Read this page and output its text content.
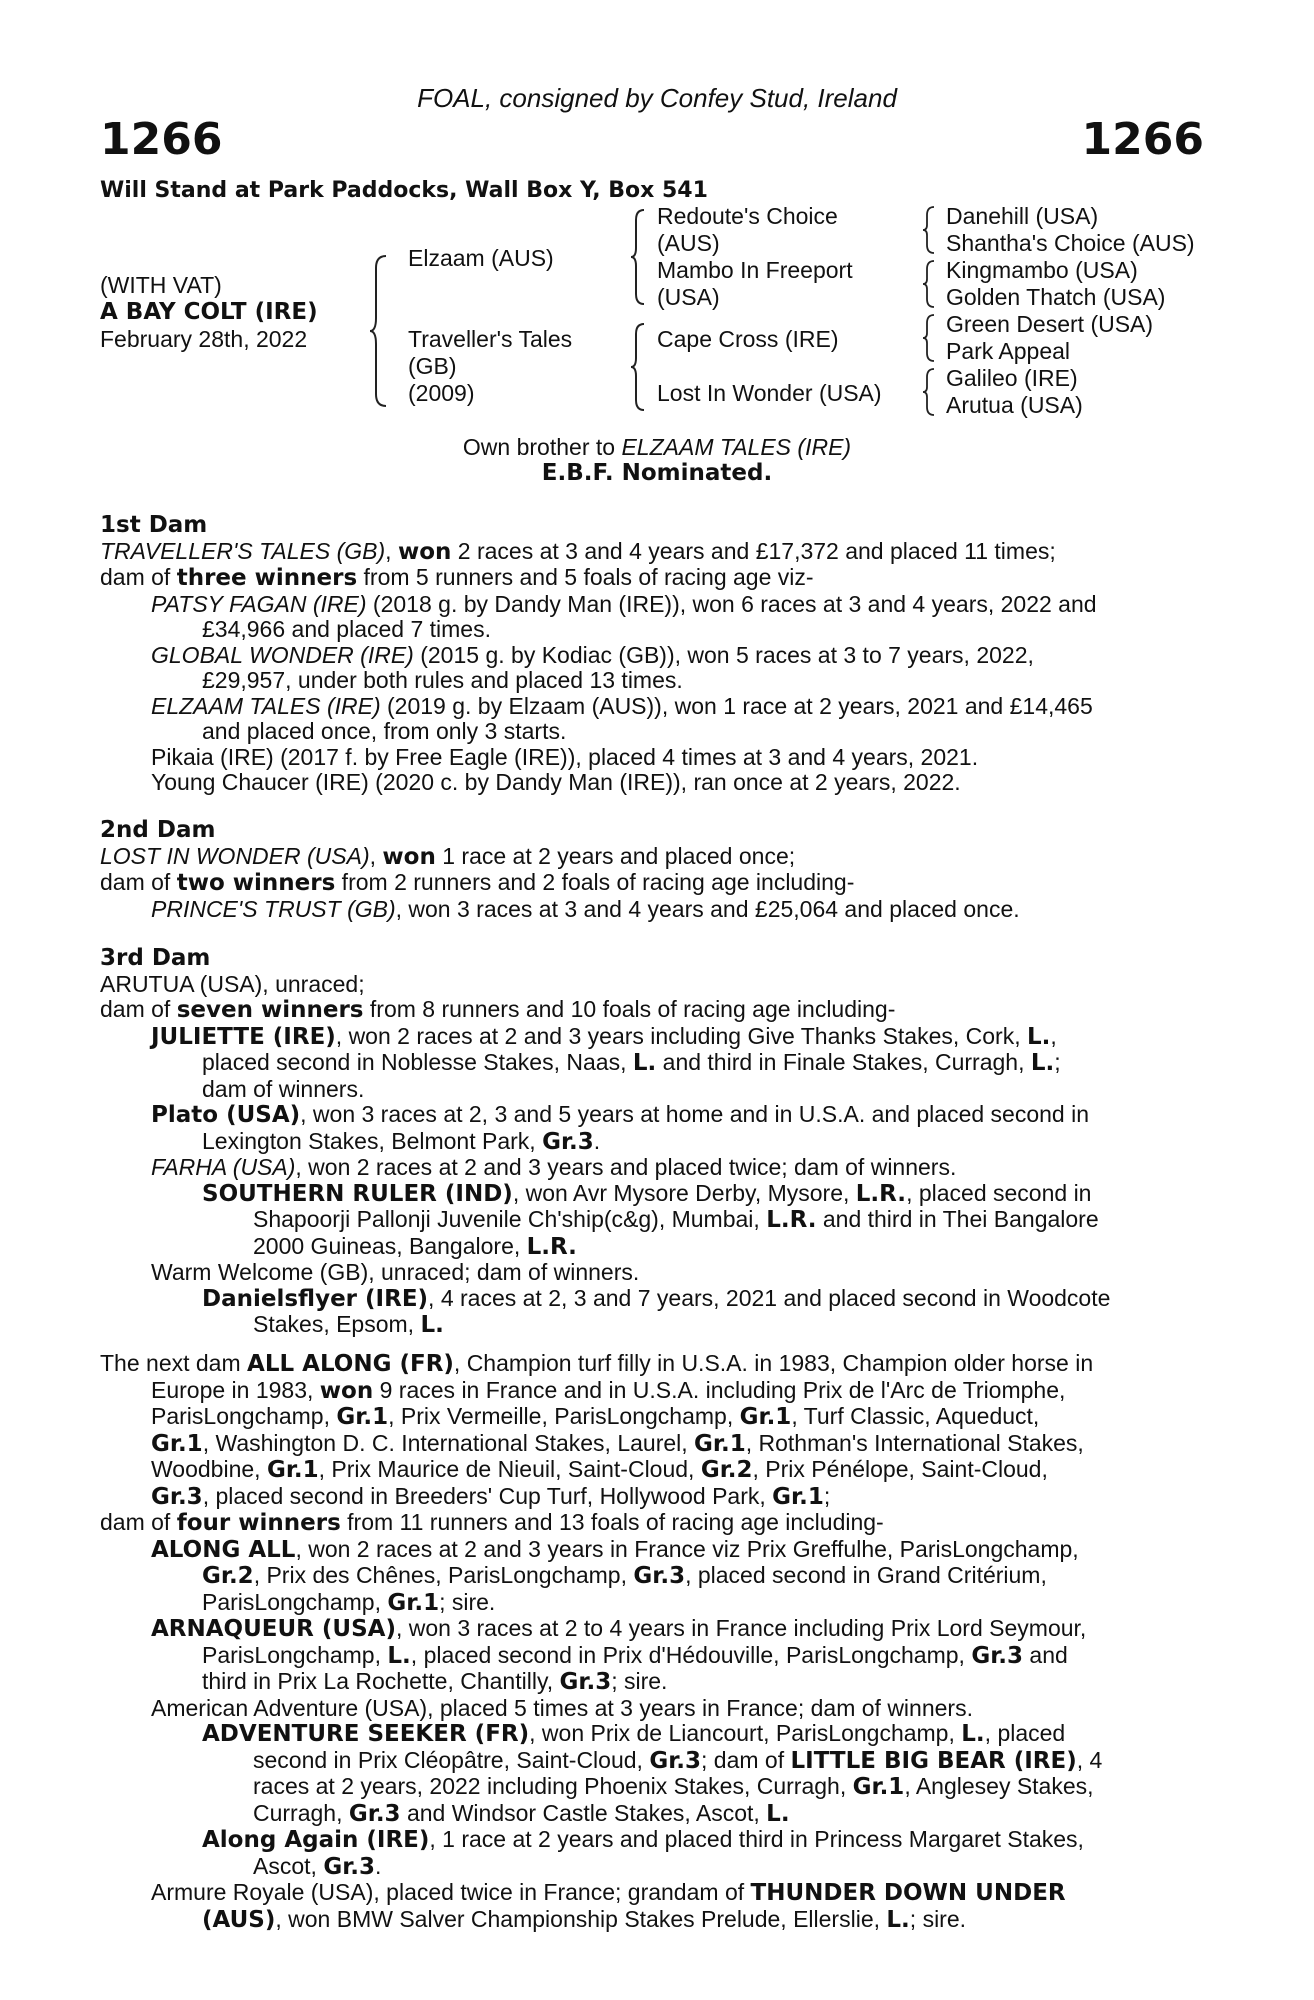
FOAL, consigned by Confey Stud, Ireland
1266	1266
Will Stand at Park Paddocks, Wall Box Y, Box 541
(WITH VAT)
A BAY COLT (IRE)
February 28th, 2022
Elzaam (AUS)
Traveller's Tales
(GB)
(2009)
Redoute's Choice
(AUS)
Mambo In Freeport
(USA)
Cape Cross (IRE)
Lost In Wonder (USA)
Danehill (USA)
Shantha's Choice (AUS)
Kingmambo (USA)
Golden Thatch (USA)
Green Desert (USA)
Park Appeal
Galileo (IRE)
Arutua (USA)
Own brother to ELZAAM TALES (IRE)
E.B.F. Nominated.
1st Dam
TRAVELLER'S TALES (GB), won 2 races at 3 and 4 years and £17,372 and placed 11 times;
dam of three winners from 5 runners and 5 foals of racing age viz-
PATSY FAGAN (IRE) (2018 g. by Dandy Man (IRE)), won 6 races at 3 and 4 years, 2022 and
£34,966 and placed 7 times.
GLOBAL WONDER (IRE) (2015 g. by Kodiac (GB)), won 5 races at 3 to 7 years, 2022,
£29,957, under both rules and placed 13 times.
ELZAAM TALES (IRE) (2019 g. by Elzaam (AUS)), won 1 race at 2 years, 2021 and £14,465
and placed once, from only 3 starts.
Pikaia (IRE) (2017 f. by Free Eagle (IRE)), placed 4 times at 3 and 4 years, 2021.
Young Chaucer (IRE) (2020 c. by Dandy Man (IRE)), ran once at 2 years, 2022.
2nd Dam
LOST IN WONDER (USA), won 1 race at 2 years and placed once;
dam of two winners from 2 runners and 2 foals of racing age including-
PRINCE'S TRUST (GB), won 3 races at 3 and 4 years and £25,064 and placed once.
3rd Dam
ARUTUA (USA), unraced;
dam of seven winners from 8 runners and 10 foals of racing age including-
JULIETTE (IRE), won 2 races at 2 and 3 years including Give Thanks Stakes, Cork, L.,
placed second in Noblesse Stakes, Naas, L. and third in Finale Stakes, Curragh, L.;
dam of winners.
Plato (USA), won 3 races at 2, 3 and 5 years at home and in U.S.A. and placed second in
Lexington Stakes, Belmont Park, Gr.3.
FARHA (USA), won 2 races at 2 and 3 years and placed twice; dam of winners.
SOUTHERN RULER (IND), won Avr Mysore Derby, Mysore, L.R., placed second in
Shapoorji Pallonji Juvenile Ch'ship(c&g), Mumbai, L.R. and third in Thei Bangalore
2000 Guineas, Bangalore, L.R.
Warm Welcome (GB), unraced; dam of winners.
Danielsflyer (IRE), 4 races at 2, 3 and 7 years, 2021 and placed second in Woodcote
Stakes, Epsom, L.
The next dam ALL ALONG (FR), Champion turf filly in U.S.A. in 1983, Champion older horse in
Europe in 1983, won 9 races in France and in U.S.A. including Prix de l'Arc de Triomphe,
ParisLongchamp, Gr.1, Prix Vermeille, ParisLongchamp, Gr.1, Turf Classic, Aqueduct,
Gr.1, Washington D. C. International Stakes, Laurel, Gr.1, Rothman's International Stakes,
Woodbine, Gr.1, Prix Maurice de Nieuil, Saint-Cloud, Gr.2, Prix Pénélope, Saint-Cloud,
Gr.3, placed second in Breeders' Cup Turf, Hollywood Park, Gr.1;
dam of four winners from 11 runners and 13 foals of racing age including-
ALONG ALL, won 2 races at 2 and 3 years in France viz Prix Greffulhe, ParisLongchamp,
Gr.2, Prix des Chênes, ParisLongchamp, Gr.3, placed second in Grand Critérium,
ParisLongchamp, Gr.1; sire.
ARNAQUEUR (USA), won 3 races at 2 to 4 years in France including Prix Lord Seymour,
ParisLongchamp, L., placed second in Prix d'Hédouville, ParisLongchamp, Gr.3 and
third in Prix La Rochette, Chantilly, Gr.3; sire.
American Adventure (USA), placed 5 times at 3 years in France; dam of winners.
ADVENTURE SEEKER (FR), won Prix de Liancourt, ParisLongchamp, L., placed
second in Prix Cléopâtre, Saint-Cloud, Gr.3; dam of LITTLE BIG BEAR (IRE), 4
races at 2 years, 2022 including Phoenix Stakes, Curragh, Gr.1, Anglesey Stakes,
Curragh, Gr.3 and Windsor Castle Stakes, Ascot, L.
Along Again (IRE), 1 race at 2 years and placed third in Princess Margaret Stakes,
Ascot, Gr.3.
Armure Royale (USA), placed twice in France; grandam of THUNDER DOWN UNDER
(AUS), won BMW Salver Championship Stakes Prelude, Ellerslie, L.; sire.
